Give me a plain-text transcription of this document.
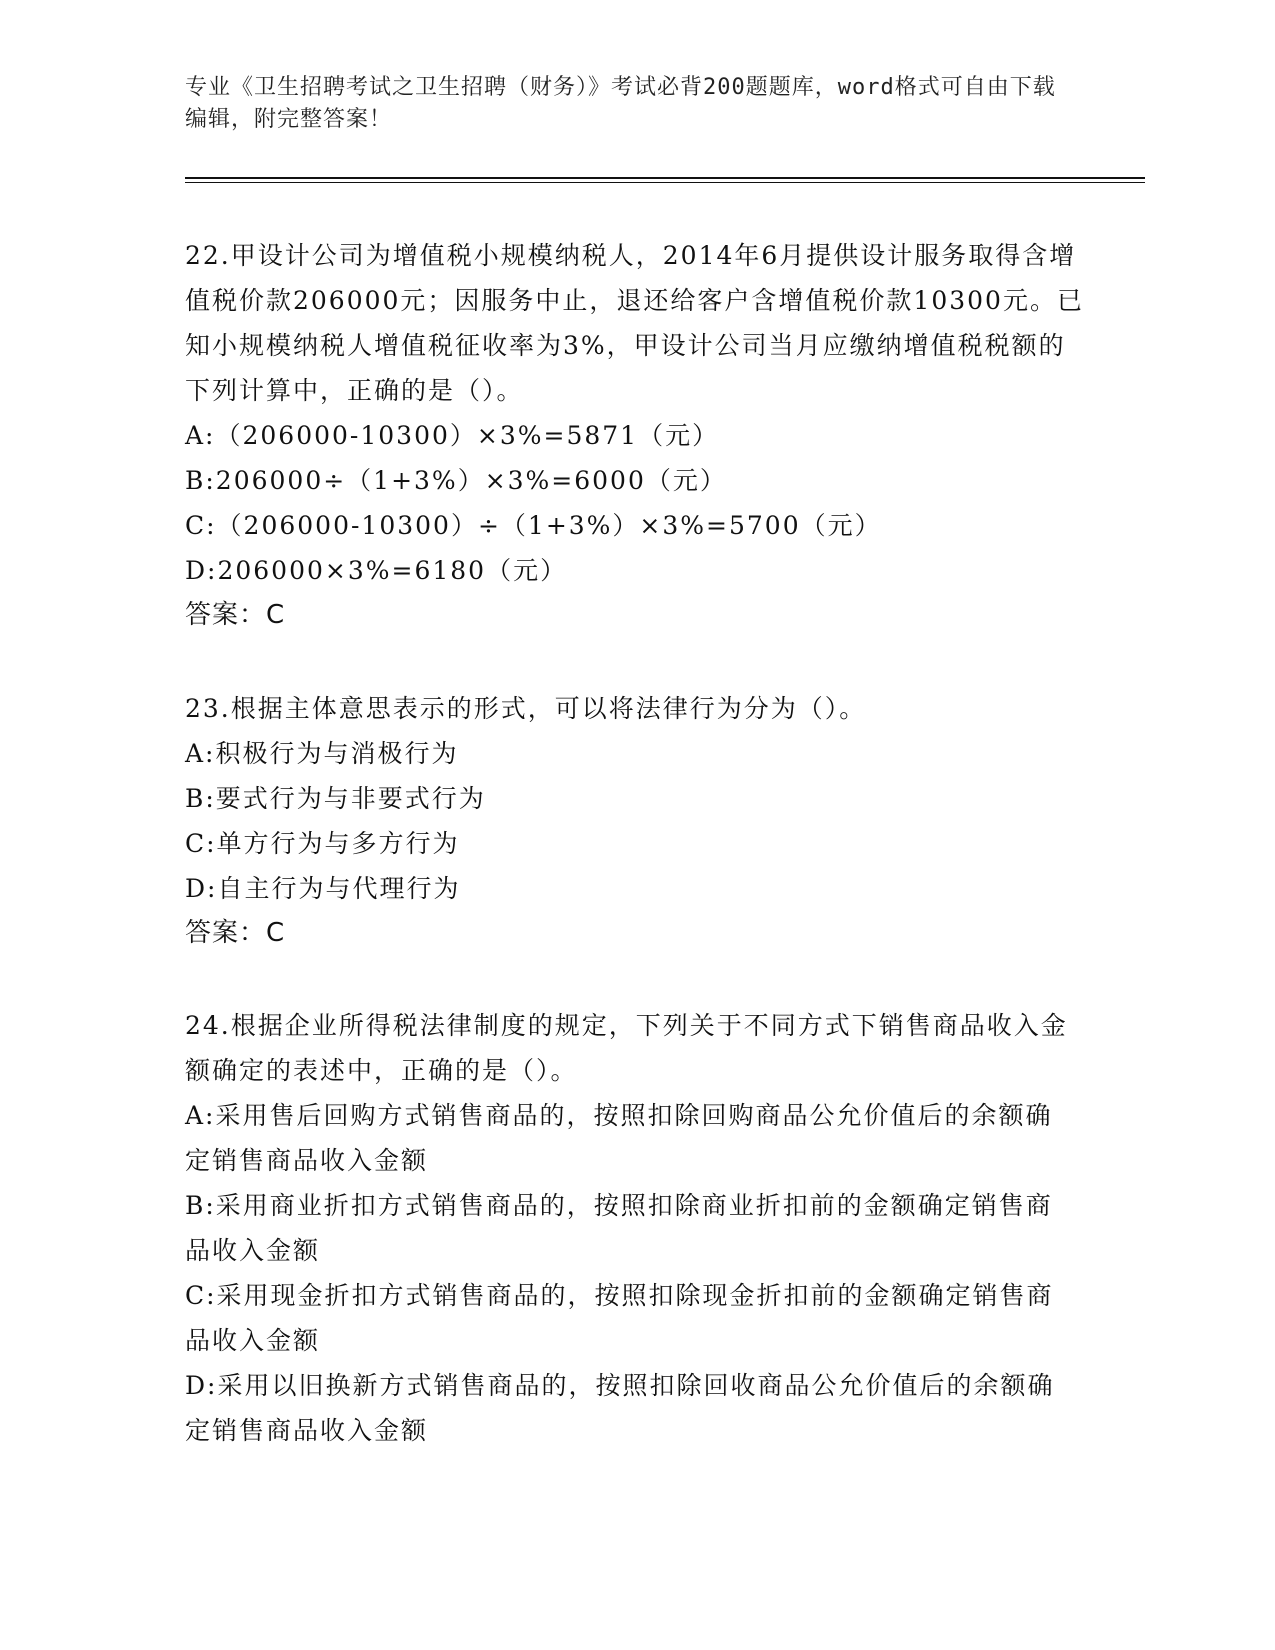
专业《卫生招聘考试之卫生招聘（财务）》考试必背200题题库，word格式可自由下载编辑，附完整答案！
22.甲设计公司为增值税小规模纳税人，2014年6月提供设计服务取得含增值税价款206000元；因服务中止，退还给客户含增值税价款10300元。已知小规模纳税人增值税征收率为3%，甲设计公司当月应缴纳增值税税额的下列计算中，正确的是（）。
A:（206000-10300）×3%=5871（元）
B:206000÷（1+3%）×3%=6000（元）
C:（206000-10300）÷（1+3%）×3%=5700（元）
D:206000×3%=6180（元）
答案：C
23.根据主体意思表示的形式，可以将法律行为分为（）。
A:积极行为与消极行为
B:要式行为与非要式行为
C:单方行为与多方行为
D:自主行为与代理行为
答案：C
24.根据企业所得税法律制度的规定，下列关于不同方式下销售商品收入金额确定的表述中，正确的是（）。
A:采用售后回购方式销售商品的，按照扣除回购商品公允价值后的余额确定销售商品收入金额
B:采用商业折扣方式销售商品的，按照扣除商业折扣前的金额确定销售商品收入金额
C:采用现金折扣方式销售商品的，按照扣除现金折扣前的金额确定销售商品收入金额
D:采用以旧换新方式销售商品的，按照扣除回收商品公允价值后的余额确定销售商品收入金额
